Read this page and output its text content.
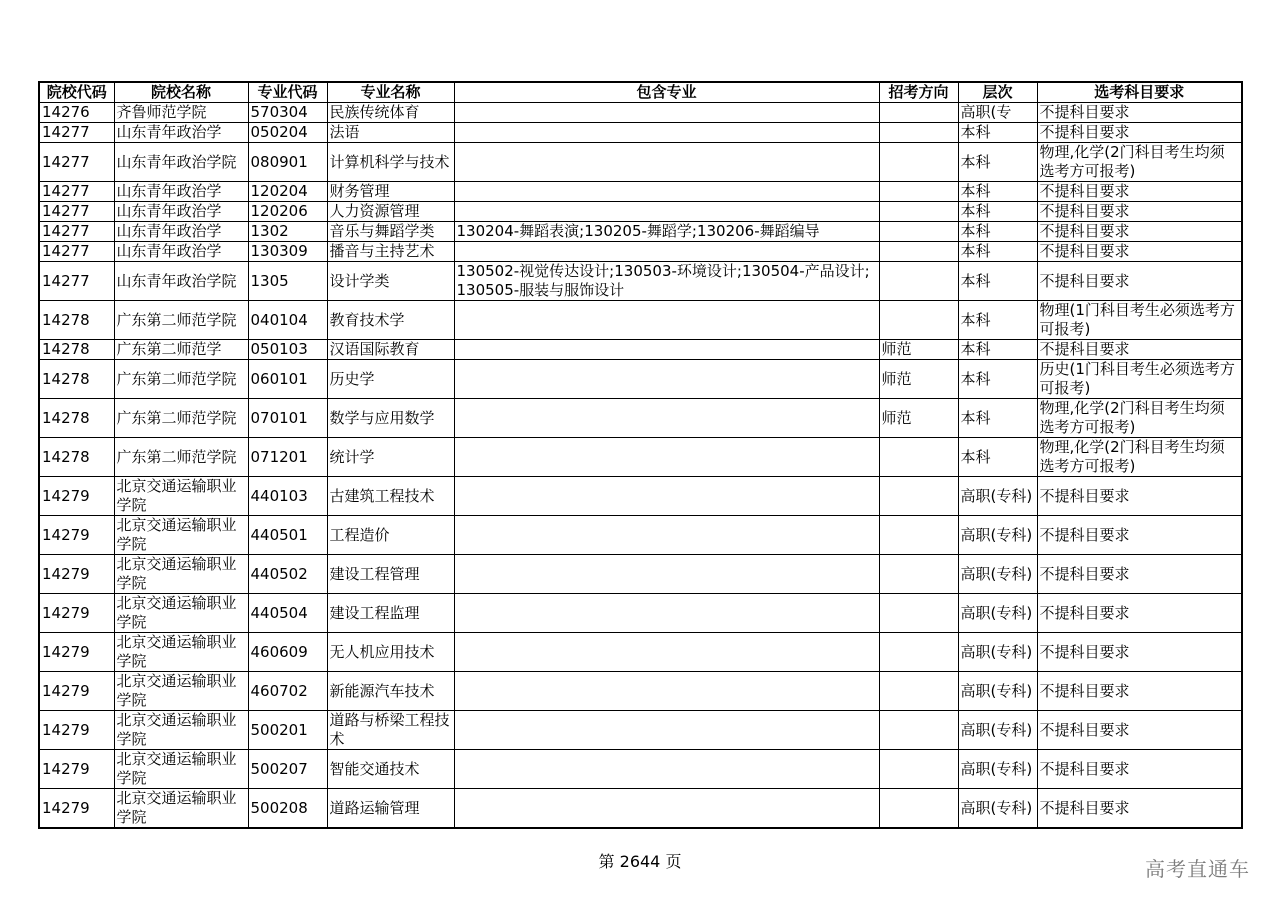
院校代码	院校名称	专业代码	专业名称	包含专业	招考方向	层次	选考科目要求
14276	齐鲁师范学院	570304	民族传统体育			高职(专	不提科目要求
14277	山东青年政治学	050204	法语			本科	不提科目要求
14277	山东青年政治学院	080901	计算机科学与技术			本科	物理,化学(2门科目考生均须选考方可报考)
14277	山东青年政治学	120204	财务管理			本科	不提科目要求
14277	山东青年政治学	120206	人力资源管理			本科	不提科目要求
14277	山东青年政治学	1302	音乐与舞蹈学类	130204-舞蹈表演;130205-舞蹈学;130206-舞蹈编导		本科	不提科目要求
14277	山东青年政治学	130309	播音与主持艺术			本科	不提科目要求
14277	山东青年政治学院	1305	设计学类	130502-视觉传达设计;130503-环境设计;130504-产品设计;130505-服装与服饰设计		本科	不提科目要求
14278	广东第二师范学院	040104	教育技术学			本科	物理(1门科目考生必须选考方可报考)
14278	广东第二师范学	050103	汉语国际教育		师范	本科	不提科目要求
14278	广东第二师范学院	060101	历史学		师范	本科	历史(1门科目考生必须选考方可报考)
14278	广东第二师范学院	070101	数学与应用数学		师范	本科	物理,化学(2门科目考生均须选考方可报考)
14278	广东第二师范学院	071201	统计学			本科	物理,化学(2门科目考生均须选考方可报考)
14279	北京交通运输职业学院	440103	古建筑工程技术			高职(专科)	不提科目要求
14279	北京交通运输职业学院	440501	工程造价			高职(专科)	不提科目要求
14279	北京交通运输职业学院	440502	建设工程管理			高职(专科)	不提科目要求
14279	北京交通运输职业学院	440504	建设工程监理			高职(专科)	不提科目要求
14279	北京交通运输职业学院	460609	无人机应用技术			高职(专科)	不提科目要求
14279	北京交通运输职业学院	460702	新能源汽车技术			高职(专科)	不提科目要求
14279	北京交通运输职业学院	500201	道路与桥梁工程技术			高职(专科)	不提科目要求
14279	北京交通运输职业学院	500207	智能交通技术			高职(专科)	不提科目要求
14279	北京交通运输职业学院	500208	道路运输管理			高职(专科)	不提科目要求
第 2644 页	高考直通车
